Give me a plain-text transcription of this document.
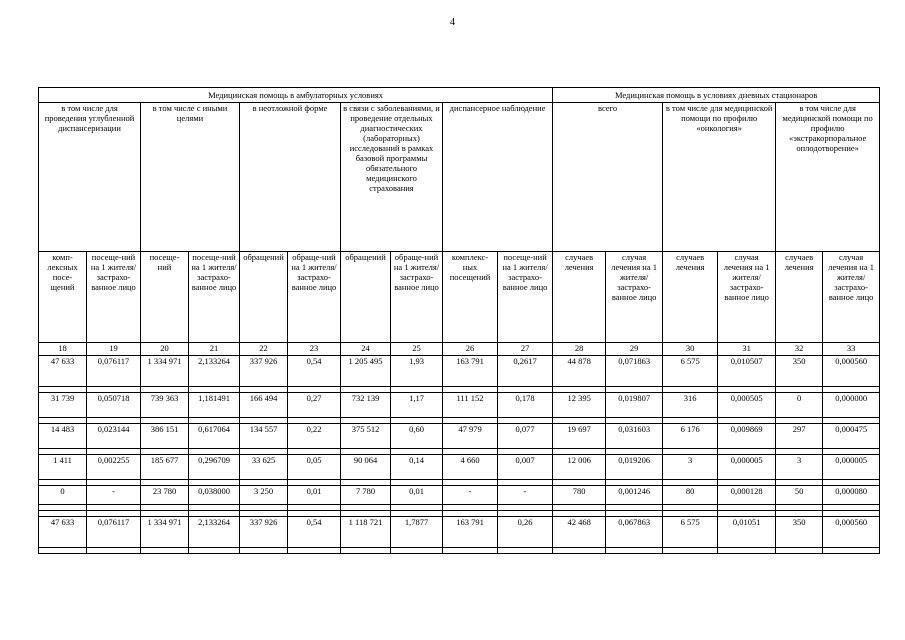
4
Медицинская помощь в амбулаторных условиях										Медицинская помощь в условиях дневных стационаров					
в том числе для проведения углубленной диспансеризации		в том числе с иными целями		в неотложной форме		в связи с заболеваниями, и проведение отдельных диагностических (лабораторных) исследований в рамках базовой программы обязательного медицинского страхования		диспансерное наблюдение		всего		в том числе для медицинской помощи по профилю «онкология»		в том числе для медицинской помощи по профилю «экстракорпоральное оплодотворение»	
комп-лексных посе-щений	посеще-ний на 1 жителя/ застрахо-ванное лицо	посеще-ний	посеще-ний на 1 жителя/ застрахо-ванное лицо	обращений	обраще-ний на 1 жителя/ застрахо-ванное лицо	обращений	обраще-ний на 1 жителя/ застрахо-ванное лицо	комплекс-ных посещений	посеще-ний на 1 жителя/ застрахо-ванное лицо	случаев лечения	случая лечения на 1 жителя/ застрахо-ванное лицо	случаев лечения	случая лечения на 1 жителя/ застрахо-ванное лицо	случаев лечения	случая лечения на 1 жителя/ застрахо-ванное лицо
18	19	20	21	22	23	24	25	26	27	28	29	30	31	32	33
47 633	0,076117	1 334 971	2,133264	337 926	0,54	1 205 495	1,93	163 791	0,2617	44 878	0,071863	6 575	0,010507	350	0,000560

31 739	0,050718	739 363	1,181491	166 494	0,27	732 139	1,17	111 152	0,178	12 395	0,019807	316	0,000505	0	0,000000

14 483	0,023144	386 151	0,617064	134 557	0,22	375 512	0,60	47 979	0,077	19 697	0,031603	6 176	0,009869	297	0,000475

1 411	0,002255	185 677	0,296709	33 625	0,05	90 064	0,14	4 660	0,007	12 006	0,019206	3	0,000005	3	0,000005

0	-	23 780	0,038000	3 250	0,01	7 780	0,01	-	-	780	0,001246	80	0,000128	50	0,000080

47 633	0,076117	1 334 971	2,133264	337 926	0,54	1 118 721	1,7877	163 791	0,26	42 468	0,067863	6 575	0,01051	350	0,000560
